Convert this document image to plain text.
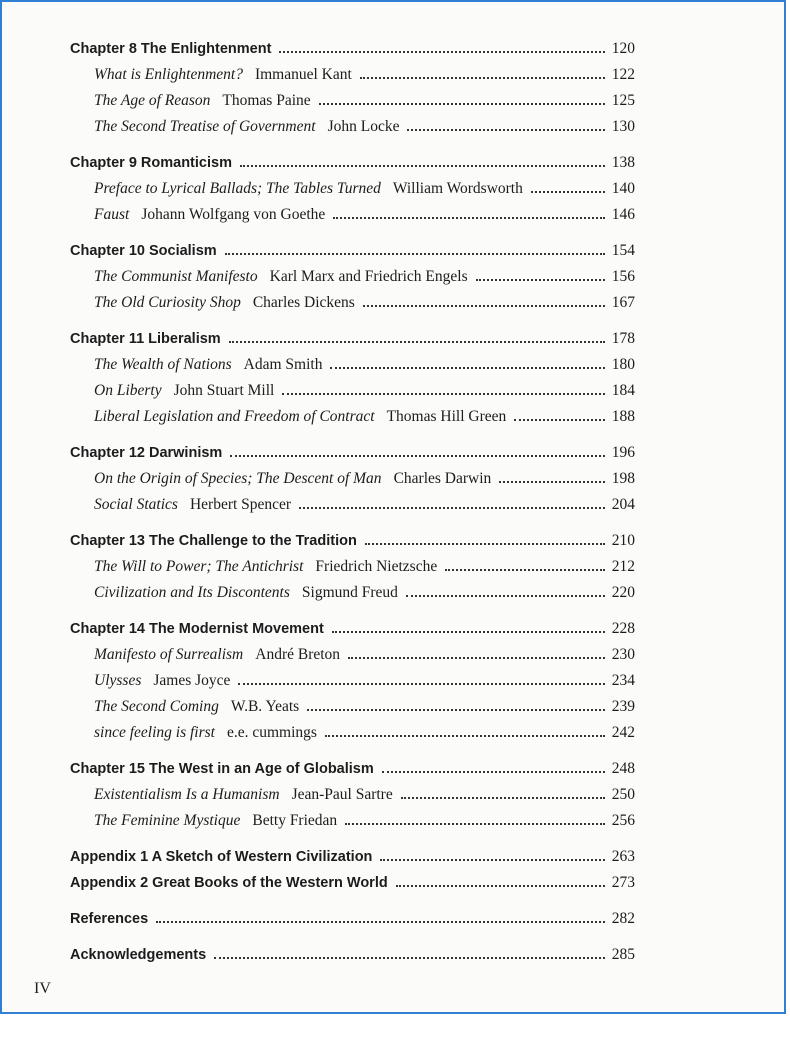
Chapter 8 The Enlightenment	120
What is Enlightenment? Immanuel Kant	122
The Age of Reason Thomas Paine	125
The Second Treatise of Government John Locke	130
Chapter 9 Romanticism	138
Preface to Lyrical Ballads; The Tables Turned William Wordsworth	140
Faust Johann Wolfgang von Goethe	146
Chapter 10 Socialism	154
The Communist Manifesto Karl Marx and Friedrich Engels	156
The Old Curiosity Shop Charles Dickens	167
Chapter 11 Liberalism	178
The Wealth of Nations Adam Smith	180
On Liberty John Stuart Mill	184
Liberal Legislation and Freedom of Contract Thomas Hill Green	188
Chapter 12 Darwinism	196
On the Origin of Species; The Descent of Man Charles Darwin	198
Social Statics Herbert Spencer	204
Chapter 13 The Challenge to the Tradition	210
The Will to Power; The Antichrist Friedrich Nietzsche	212
Civilization and Its Discontents Sigmund Freud	220
Chapter 14 The Modernist Movement	228
Manifesto of Surrealism André Breton	230
Ulysses James Joyce	234
The Second Coming W.B. Yeats	239
since feeling is first e.e. cummings	242
Chapter 15 The West in an Age of Globalism	248
Existentialism Is a Humanism Jean-Paul Sartre	250
The Feminine Mystique Betty Friedan	256
Appendix 1 A Sketch of Western Civilization	263
Appendix 2 Great Books of the Western World	273
References	282
Acknowledgements	285
IV
